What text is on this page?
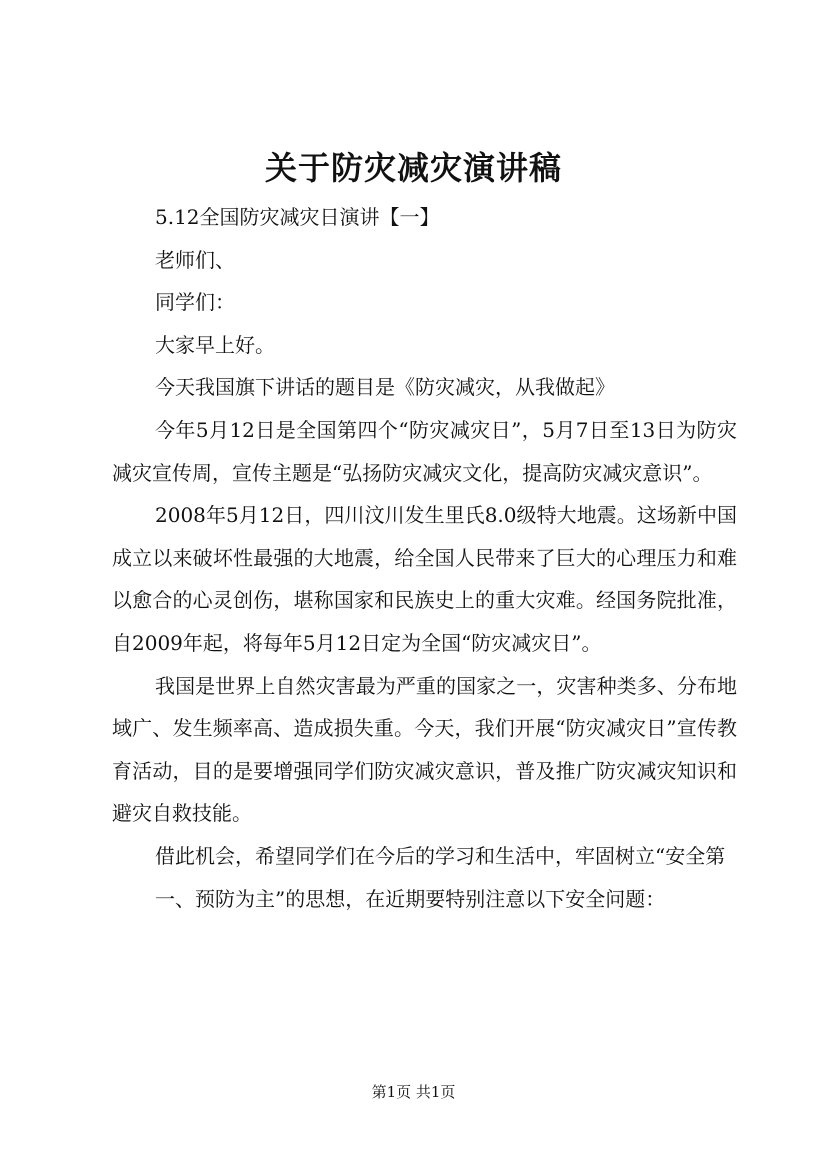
关于防灾减灾演讲稿

5.12全国防灾减灾日演讲【一】

老师们、

同学们：

大家早上好。

今天我国旗下讲话的题目是《防灾减灾，从我做起》

今年5月12日是全国第四个“防灾减灾日”，5月7日至13日为防灾减灾宣传周，宣传主题是“弘扬防灾减灾文化，提高防灾减灾意识”。

2008年5月12日，四川汶川发生里氏8.0级特大地震。这场新中国成立以来破坏性最强的大地震，给全国人民带来了巨大的心理压力和难以愈合的心灵创伤，堪称国家和民族史上的重大灾难。经国务院批准，自2009年起，将每年5月12日定为全国“防灾减灾日”。

我国是世界上自然灾害最为严重的国家之一，灾害种类多、分布地域广、发生频率高、造成损失重。今天，我们开展“防灾减灾日”宣传教育活动，目的是要增强同学们防灾减灾意识，普及推广防灾减灾知识和避灾自救技能。

借此机会，希望同学们在今后的学习和生活中，牢固树立“安全第

一、预防为主”的思想，在近期要特别注意以下安全问题：

第1页 共1页
